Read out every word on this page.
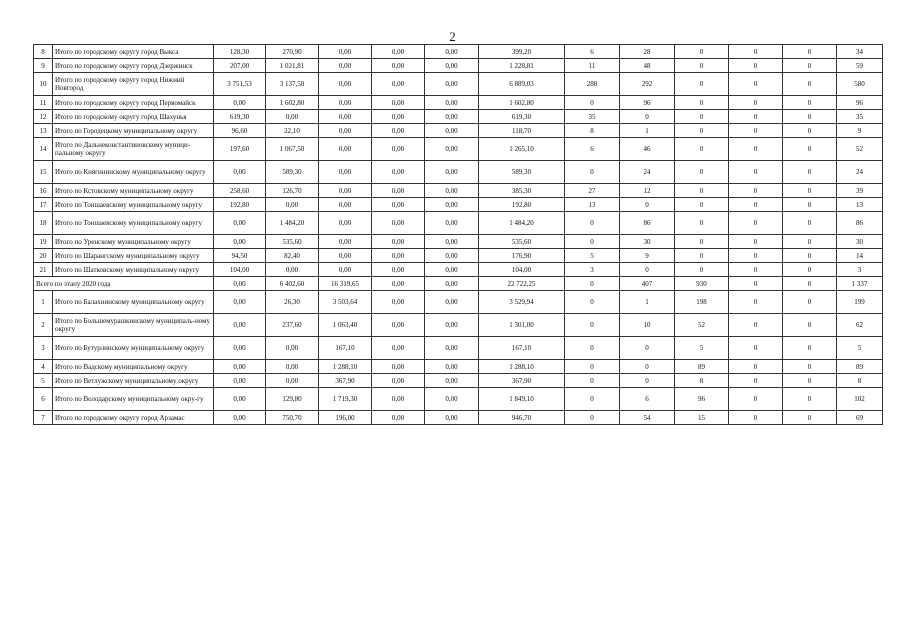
2
8	Итого по городскому округу город Выкса	128,30	270,90	0,00	0,00	0,00	399,20	6	28	0	0	0	34
9	Итого по городскому округу город Дзержинск	207,00	1 021,81	0,00	0,00	0,00	1 228,81	11	48	0	0	0	59
10	Итого по городскому округу город Нижний Новгород	3 751,53	3 137,50	0,00	0,00	0,00	6 889,03	288	292	0	0	0	580
11	Итого по городскому округу город Первомайск	0,00	1 602,80	0,00	0,00	0,00	1 602,80	0	96	0	0	0	96
12	Итого по городскому округу город Шахунья	619,30	0,00	0,00	0,00	0,00	619,30	35	0	0	0	0	35
13	Итого по Городецкому муниципальному округу	96,60	22,10	0,00	0,00	0,00	118,70	8	1	0	0	0	9
14	Итого по Дальнеконстантиновскому муници-пальному округу	197,60	1 067,50	0,00	0,00	0,00	1 265,10	6	46	0	0	0	52
15	Итого по Княгининскому муниципальному округу	0,00	589,30	0,00	0,00	0,00	589,30	0	24	0	0	0	24
16	Итого по Кстовскому муниципальному округу	258,60	126,70	0,00	0,00	0,00	385,30	27	12	0	0	0	39
17	Итого по Тоншаевскому муниципальному округу	192,80	0,00	0,00	0,00	0,00	192,80	13	0	0	0	0	13
18	Итого по Тоншаевскому муниципальному округу	0,00	1 484,20	0,00	0,00	0,00	1 484,20	0	86	0	0	0	86
19	Итого по Уренскому муниципальному округу	0,00	535,60	0,00	0,00	0,00	535,60	0	30	0	0	0	30
20	Итого по Шарангскому муниципальному округу	94,50	82,40	0,00	0,00	0,00	176,90	5	9	0	0	0	14
21	Итого по Шатковскому муниципальному округу	104,00	0,00	0,00	0,00	0,00	104,00	3	0	0	0	0	3
Всего по этапу 2020 года		0,00	6 402,60	16 319,65	0,00	0,00	22 722,25	0	407	930	0	0	1 337
1	Итого по Балахнинскому муниципальному округу	0,00	26,30	3 503,64	0,00	0,00	3 529,94	0	1	198	0	0	199
2	Итого по Большемурашкинскому муниципаль-ному округу	0,00	237,60	1 063,40	0,00	0,00	1 301,00	0	10	52	0	0	62
3	Итого по Бутурлинскому муниципальному округу	0,00	0,00	167,10	0,00	0,00	167,10	0	0	5	0	0	5
4	Итого по Вадскому муниципальному округу	0,00	0,00	1 288,10	0,00	0,00	1 288,10	0	0	89	0	0	89
5	Итого по Ветлужскому муниципальному округу	0,00	0,00	367,90	0,00	0,00	367,90	0	0	8	0	0	8
6	Итого по Володарскому муниципальному окру-гу	0,00	129,80	1 719,30	0,00	0,00	1 849,10	0	6	96	0	0	102
7	Итого по городскому округу город Арзамас	0,00	750,70	196,00	0,00	0,00	946,70	0	54	15	0	0	69
